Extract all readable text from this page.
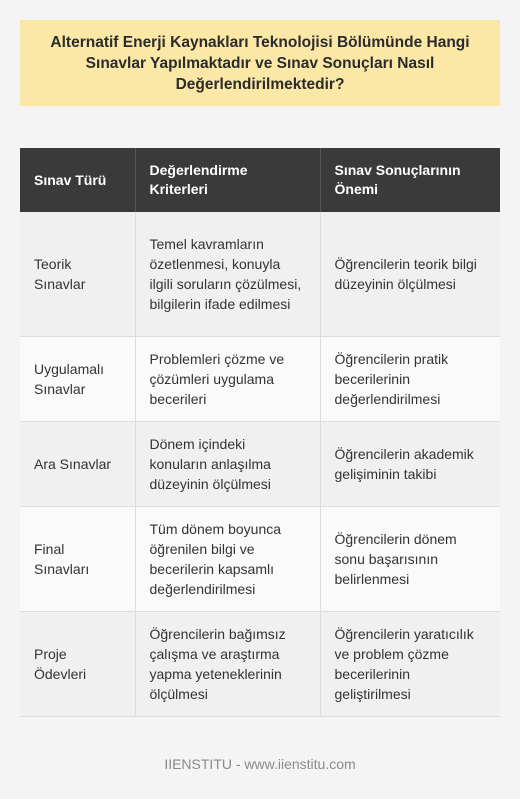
Alternatif Enerji Kaynakları Teknolojisi Bölümünde Hangi Sınavlar Yapılmaktadır ve Sınav Sonuçları Nasıl Değerlendirilmektedir?
Sınav Türü	Değerlendirme Kriterleri	Sınav Sonuçlarının Önemi
Teorik Sınavlar	Temel kavramların özetlenmesi, konuyla ilgili soruların çözülmesi, bilgilerin ifade edilmesi	Öğrencilerin teorik bilgi düzeyinin ölçülmesi
Uygulamalı Sınavlar	Problemleri çözme ve çözümleri uygulama becerileri	Öğrencilerin pratik becerilerinin değerlendirilmesi
Ara Sınavlar	Dönem içindeki konuların anlaşılma düzeyinin ölçülmesi	Öğrencilerin akademik gelişiminin takibi
Final Sınavları	Tüm dönem boyunca öğrenilen bilgi ve becerilerin kapsamlı değerlendirilmesi	Öğrencilerin dönem sonu başarısının belirlenmesi
Proje Ödevleri	Öğrencilerin bağımsız çalışma ve araştırma yapma yeteneklerinin ölçülmesi	Öğrencilerin yaratıcılık ve problem çözme becerilerinin geliştirilmesi
IIENSTITU - www.iienstitu.com
